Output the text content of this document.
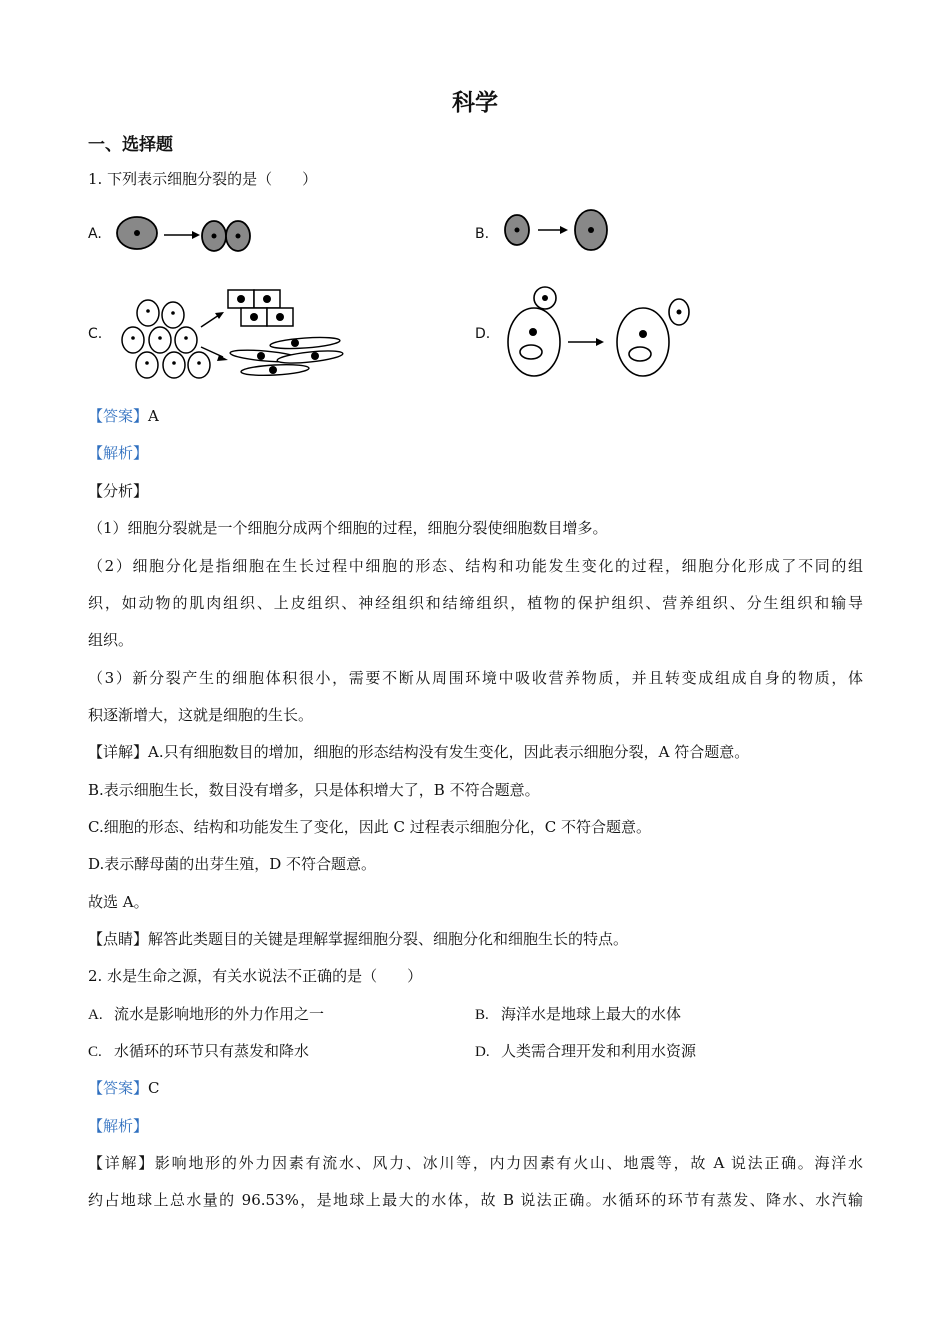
科学
一、选择题
1. 下列表示细胞分裂的是（　　）
A.	B.
C.	D.
【答案】A
【解析】
【分析】
（1）细胞分裂就是一个细胞分成两个细胞的过程，细胞分裂使细胞数目增多。
（2）细胞分化是指细胞在生长过程中细胞的形态、结构和功能发生变化的过程，细胞分化形成了不同的组
织，如动物的肌肉组织、上皮组织、神经组织和结缔组织，植物的保护组织、营养组织、分生组织和输导
组织。
（3）新分裂产生的细胞体积很小，需要不断从周围环境中吸收营养物质，并且转变成组成自身的物质，体
积逐渐增大，这就是细胞的生长。
【详解】A.只有细胞数目的增加，细胞的形态结构没有发生变化，因此表示细胞分裂，A 符合题意。
B.表示细胞生长，数目没有增多，只是体积增大了，B 不符合题意。
C.细胞的形态、结构和功能发生了变化，因此 C 过程表示细胞分化，C 不符合题意。
D.表示酵母菌的出芽生殖，D 不符合题意。
故选 A。
【点睛】解答此类题目的关键是理解掌握细胞分裂、细胞分化和细胞生长的特点。
2. 水是生命之源，有关水说法不正确的是（　　）
A. 流水是影响地形的外力作用之一	B. 海洋水是地球上最大的水体
C. 水循环的环节只有蒸发和降水	D. 人类需合理开发和利用水资源
【答案】C
【解析】
【详解】影响地形的外力因素有流水、风力、冰川等，内力因素有火山、地震等，故 A 说法正确。海洋水
约占地球上总水量的 96.53%，是地球上最大的水体，故 B 说法正确。水循环的环节有蒸发、降水、水汽输
